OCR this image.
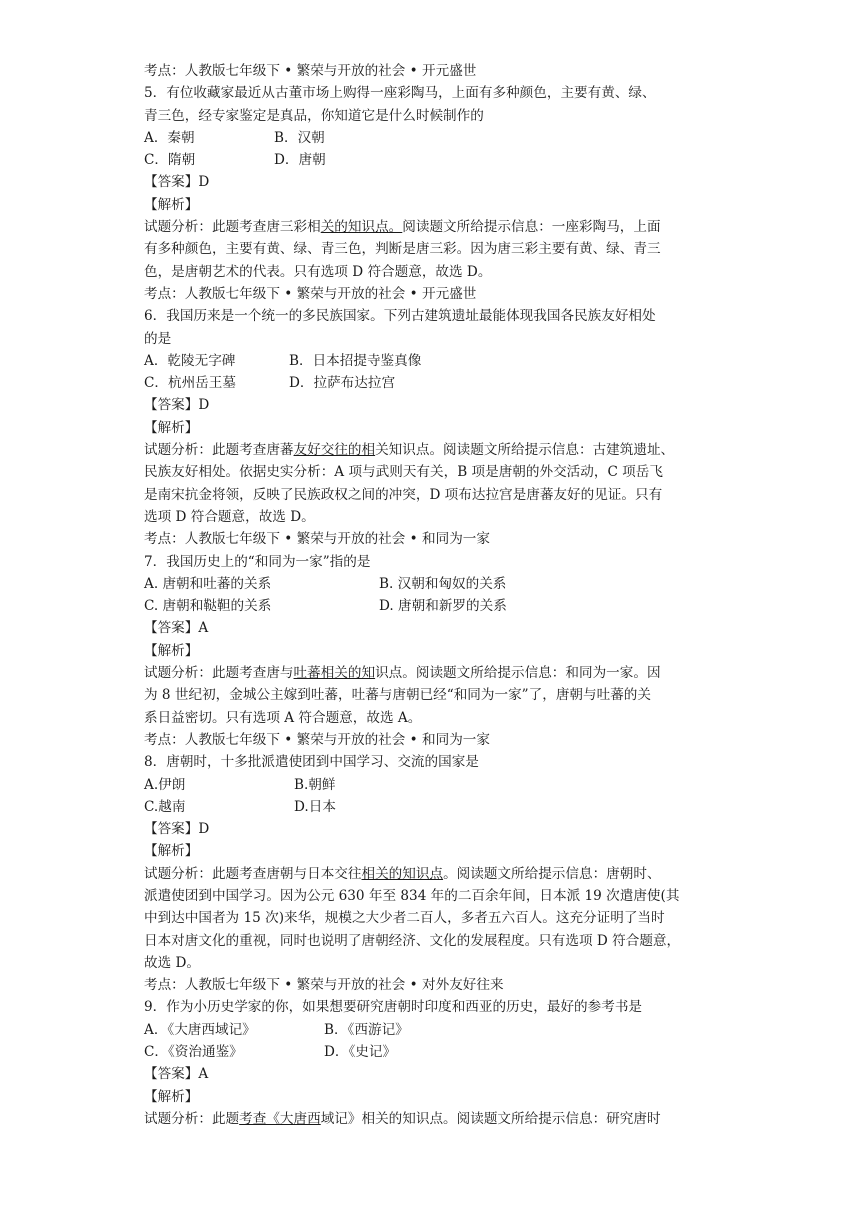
考点：人教版七年级下 • 繁荣与开放的社会 • 开元盛世
5．有位收藏家最近从古董市场上购得一座彩陶马，上面有多种颜色，主要有黄、绿、
青三色，经专家鉴定是真品，你知道它是什么时候制作的
A．秦朝	B．汉朝
C．隋朝	D．唐朝
【答案】D
【解析】
试题分析：此题考查唐三彩相关的知识点。阅读题文所给提示信息：一座彩陶马，上面
有多种颜色，主要有黄、绿、青三色，判断是唐三彩。因为唐三彩主要有黄、绿、青三
色，是唐朝艺术的代表。只有选项 D 符合题意，故选 D。
考点：人教版七年级下 • 繁荣与开放的社会 • 开元盛世
6．我国历来是一个统一的多民族国家。下列古建筑遗址最能体现我国各民族友好相处
的是
A．乾陵无字碑	B．日本招提寺鉴真像
C．杭州岳王墓	D．拉萨布达拉宫
【答案】D
【解析】
试题分析：此题考查唐蕃友好交往的相关知识点。阅读题文所给提示信息：古建筑遗址、
民族友好相处。依据史实分析：A 项与武则天有关，B 项是唐朝的外交活动，C 项岳飞
是南宋抗金将领，反映了民族政权之间的冲突，D 项布达拉宫是唐蕃友好的见证。只有
选项 D 符合题意，故选 D。
考点：人教版七年级下 • 繁荣与开放的社会 • 和同为一家
7．我国历史上的“和同为一家”指的是
A. 唐朝和吐蕃的关系	B. 汉朝和匈奴的关系
C. 唐朝和鞑靼的关系	D. 唐朝和新罗的关系
【答案】A
【解析】
试题分析：此题考查唐与吐蕃相关的知识点。阅读题文所给提示信息：和同为一家。因
为 8 世纪初，金城公主嫁到吐蕃，吐蕃与唐朝已经“和同为一家”了，唐朝与吐蕃的关
系日益密切。只有选项 A 符合题意，故选 A。
考点：人教版七年级下 • 繁荣与开放的社会 • 和同为一家
8．唐朝时，十多批派遣使团到中国学习、交流的国家是
A.伊朗	B.朝鲜
C.越南	D.日本
【答案】D
【解析】
试题分析：此题考查唐朝与日本交往相关的知识点。阅读题文所给提示信息：唐朝时、
派遣使团到中国学习。因为公元 630 年至 834 年的二百余年间，日本派 19 次遣唐使(其
中到达中国者为 15 次)来华，规模之大少者二百人，多者五六百人。这充分证明了当时
日本对唐文化的重视，同时也说明了唐朝经济、文化的发展程度。只有选项 D 符合题意，
故选 D。
考点：人教版七年级下 • 繁荣与开放的社会 • 对外友好往来
9．作为小历史学家的你，如果想要研究唐朝时印度和西亚的历史，最好的参考书是
A．《大唐西域记》	B．《西游记》
C．《资治通鉴》	D．《史记》
【答案】A
【解析】
试题分析：此题考查《大唐西域记》相关的知识点。阅读题文所给提示信息：研究唐时
